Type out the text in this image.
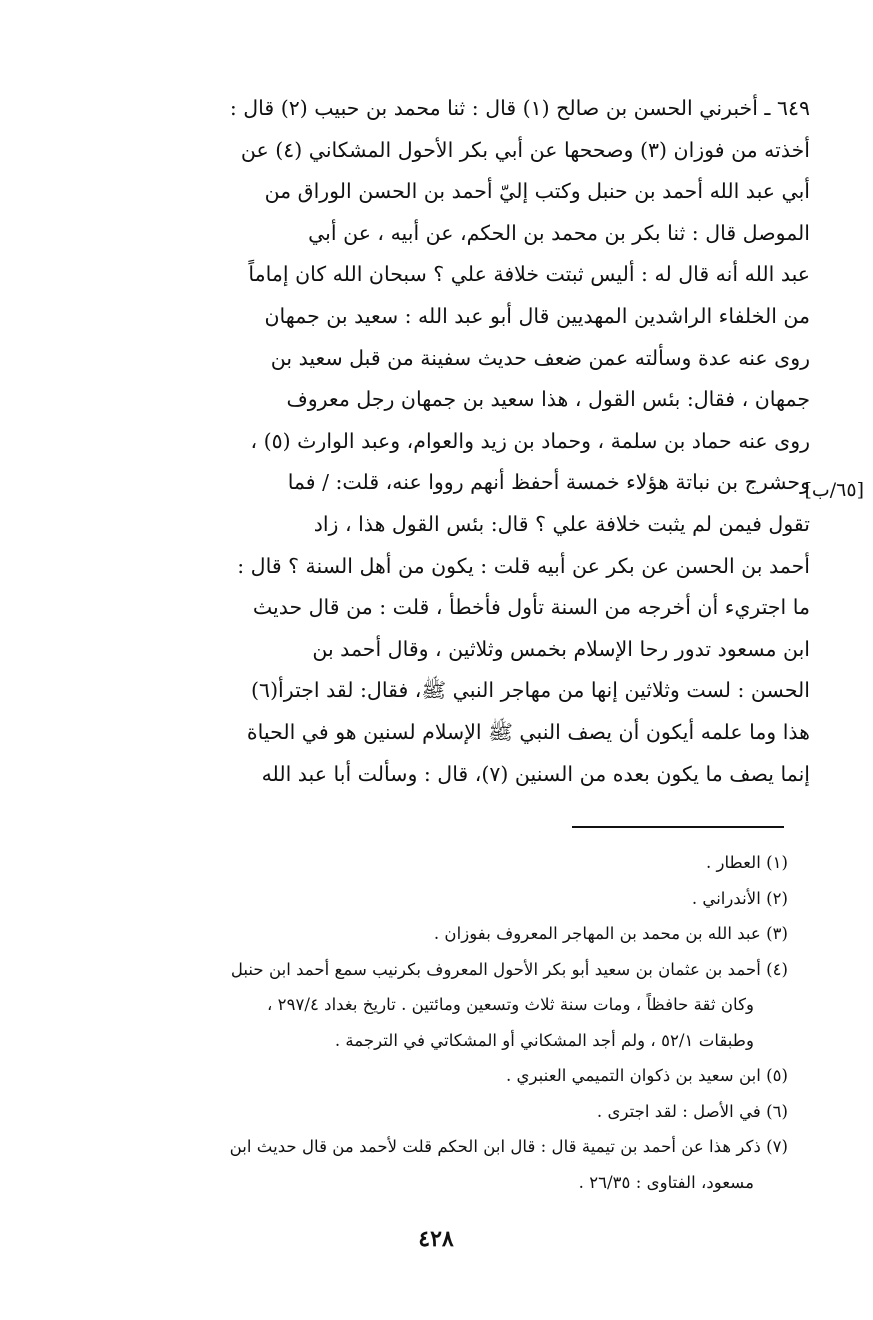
[٦٥/ب]
٦٤٩ ـ أخبرني الحسن بن صالح (١) قال : ثنا محمد بن حبيب (٢) قال :
أخذته من فوزان (٣) وصححها عن أبي بكر الأحول المشكاني (٤) عن
أبي عبد الله أحمد بن حنبل وكتب إليّ أحمد بن الحسن الوراق من
الموصل قال : ثنا بكر بن محمد بن الحكم، عن أبيه ، عن أبي
عبد الله أنه قال له : أليس ثبتت خلافة علي ؟ سبحان الله كان إماماً
من الخلفاء الراشدين المهديين قال أبو عبد الله : سعيد بن جمهان
روى عنه عدة وسألته عمن ضعف حديث سفينة من قبل سعيد بن
جمهان ، فقال: بئس القول ، هذا سعيد بن جمهان رجل معروف
روى عنه حماد بن سلمة ، وحماد بن زيد والعوام، وعبد الوارث (٥) ،
وحشرج بن نباتة هؤلاء خمسة أحفظ أنهم رووا عنه، قلت: / فما
تقول فيمن لم يثبت خلافة علي ؟ قال: بئس القول هذا ، زاد
أحمد بن الحسن عن بكر عن أبيه قلت : يكون من أهل السنة ؟ قال :
ما اجتريء أن أخرجه من السنة تأول فأخطأ ، قلت : من قال حديث
ابن مسعود تدور رحا الإسلام بخمس وثلاثين ، وقال أحمد بن
الحسن : لست وثلاثين إنها من مهاجر النبي ﷺ، فقال: لقد اجترأ(٦)
هذا وما علمه أيكون أن يصف النبي ﷺ الإسلام لسنين هو في الحياة
إنما يصف ما يكون بعده من السنين (٧)، قال : وسألت أبا عبد الله
(١) العطار .
(٢) الأندراني .
(٣) عبد الله بن محمد بن المهاجر المعروف بفوزان .
(٤) أحمد بن عثمان بن سعيد أبو بكر الأحول المعروف بكرنيب سمع أحمد ابن حنبل
وكان ثقة حافظاً ، ومات سنة ثلاث وتسعين ومائتين . تاريخ بغداد ٢٩٧/٤ ،
وطبقات ٥٢/١ ، ولم أجد المشكاني أو المشكاتي في الترجمة .
(٥) ابن سعيد بن ذكوان التميمي العنبري .
(٦) في الأصل : لقد اجترى .
(٧) ذكر هذا عن أحمد بن تيمية قال : قال ابن الحكم قلت لأحمد من قال حديث ابن
مسعود، الفتاوى : ٢٦/٣٥ .
٤٢٨
